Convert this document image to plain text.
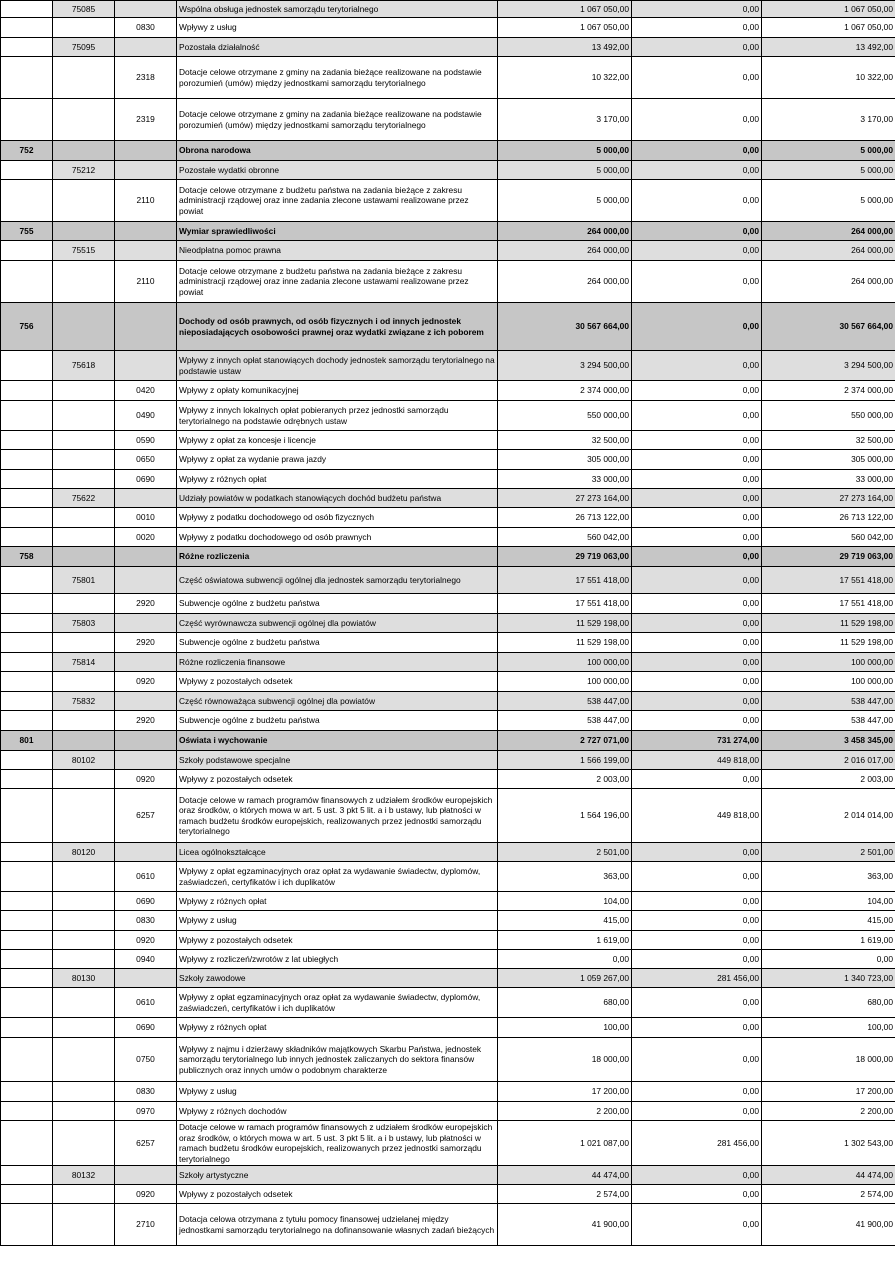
	75085		Wspólna obsługa jednostek samorządu terytorialnego	1 067 050,00	0,00	1 067 050,00
		0830	Wpływy z usług	1 067 050,00	0,00	1 067 050,00
	75095		Pozostała działalność	13 492,00	0,00	13 492,00
		2318	Dotacje celowe otrzymane z gminy na zadania bieżące realizowane na podstawie porozumień (umów) między jednostkami samorządu terytorialnego	10 322,00	0,00	10 322,00
		2319	Dotacje celowe otrzymane z gminy na zadania bieżące realizowane na podstawie porozumień (umów) między jednostkami samorządu terytorialnego	3 170,00	0,00	3 170,00
752			Obrona narodowa	5 000,00	0,00	5 000,00
	75212		Pozostałe wydatki obronne	5 000,00	0,00	5 000,00
		2110	Dotacje celowe otrzymane z budżetu państwa na zadania bieżące z zakresu administracji rządowej oraz inne zadania zlecone ustawami realizowane przez powiat	5 000,00	0,00	5 000,00
755			Wymiar sprawiedliwości	264 000,00	0,00	264 000,00
	75515		Nieodpłatna pomoc prawna	264 000,00	0,00	264 000,00
		2110	Dotacje celowe otrzymane z budżetu państwa na zadania bieżące z zakresu administracji rządowej oraz inne zadania zlecone ustawami realizowane przez powiat	264 000,00	0,00	264 000,00
756			Dochody od osób prawnych, od osób fizycznych i od innych jednostek nieposiadających osobowości prawnej oraz wydatki związane z ich poborem	30 567 664,00	0,00	30 567 664,00
	75618		Wpływy z innych opłat stanowiących dochody jednostek samorządu terytorialnego na podstawie ustaw	3 294 500,00	0,00	3 294 500,00
		0420	Wpływy z opłaty komunikacyjnej	2 374 000,00	0,00	2 374 000,00
		0490	Wpływy z innych lokalnych opłat pobieranych przez jednostki samorządu terytorialnego na podstawie odrębnych ustaw	550 000,00	0,00	550 000,00
		0590	Wpływy z opłat za koncesje i licencje	32 500,00	0,00	32 500,00
		0650	Wpływy z opłat za wydanie prawa jazdy	305 000,00	0,00	305 000,00
		0690	Wpływy z różnych opłat	33 000,00	0,00	33 000,00
	75622		Udziały powiatów w podatkach stanowiących dochód budżetu państwa	27 273 164,00	0,00	27 273 164,00
		0010	Wpływy z podatku dochodowego od osób fizycznych	26 713 122,00	0,00	26 713 122,00
		0020	Wpływy z podatku dochodowego od osób prawnych	560 042,00	0,00	560 042,00
758			Różne rozliczenia	29 719 063,00	0,00	29 719 063,00
	75801		Część oświatowa subwencji ogólnej dla jednostek samorządu terytorialnego	17 551 418,00	0,00	17 551 418,00
		2920	Subwencje ogólne z budżetu państwa	17 551 418,00	0,00	17 551 418,00
	75803		Część wyrównawcza subwencji ogólnej dla powiatów	11 529 198,00	0,00	11 529 198,00
		2920	Subwencje ogólne z budżetu państwa	11 529 198,00	0,00	11 529 198,00
	75814		Różne rozliczenia finansowe	100 000,00	0,00	100 000,00
		0920	Wpływy z pozostałych odsetek	100 000,00	0,00	100 000,00
	75832		Część równoważąca subwencji ogólnej dla powiatów	538 447,00	0,00	538 447,00
		2920	Subwencje ogólne z budżetu państwa	538 447,00	0,00	538 447,00
801			Oświata i wychowanie	2 727 071,00	731 274,00	3 458 345,00
	80102		Szkoły podstawowe specjalne	1 566 199,00	449 818,00	2 016 017,00
		0920	Wpływy z pozostałych odsetek	2 003,00	0,00	2 003,00
		6257	Dotacje celowe w ramach programów finansowych z udziałem środków europejskich oraz środków, o których mowa w art. 5 ust. 3 pkt 5 lit. a i b ustawy, lub płatności w ramach budżetu środków europejskich, realizowanych przez jednostki samorządu terytorialnego	1 564 196,00	449 818,00	2 014 014,00
	80120		Licea ogólnokształcące	2 501,00	0,00	2 501,00
		0610	Wpływy z opłat egzaminacyjnych oraz opłat za wydawanie świadectw, dyplomów, zaświadczeń, certyfikatów i ich duplikatów	363,00	0,00	363,00
		0690	Wpływy z różnych opłat	104,00	0,00	104,00
		0830	Wpływy z usług	415,00	0,00	415,00
		0920	Wpływy z pozostałych odsetek	1 619,00	0,00	1 619,00
		0940	Wpływy z rozliczeń/zwrotów z lat ubiegłych	0,00	0,00	0,00
	80130		Szkoły zawodowe	1 059 267,00	281 456,00	1 340 723,00
		0610	Wpływy z opłat egzaminacyjnych oraz opłat za wydawanie świadectw, dyplomów, zaświadczeń, certyfikatów i ich duplikatów	680,00	0,00	680,00
		0690	Wpływy z różnych opłat	100,00	0,00	100,00
		0750	Wpływy z najmu i dzierżawy składników majątkowych Skarbu Państwa, jednostek samorządu terytorialnego lub innych jednostek zaliczanych do sektora finansów publicznych oraz innych umów o podobnym charakterze	18 000,00	0,00	18 000,00
		0830	Wpływy z usług	17 200,00	0,00	17 200,00
		0970	Wpływy z różnych dochodów	2 200,00	0,00	2 200,00
		6257	Dotacje celowe w ramach programów finansowych z udziałem środków europejskich oraz środków, o których mowa w art. 5 ust. 3 pkt 5 lit. a i b ustawy, lub płatności w ramach budżetu środków europejskich, realizowanych przez jednostki samorządu terytorialnego	1 021 087,00	281 456,00	1 302 543,00
	80132		Szkoły artystyczne	44 474,00	0,00	44 474,00
		0920	Wpływy z pozostałych odsetek	2 574,00	0,00	2 574,00
		2710	Dotacja celowa otrzymana z tytułu pomocy finansowej udzielanej między jednostkami samorządu terytorialnego na dofinansowanie własnych zadań bieżących	41 900,00	0,00	41 900,00
